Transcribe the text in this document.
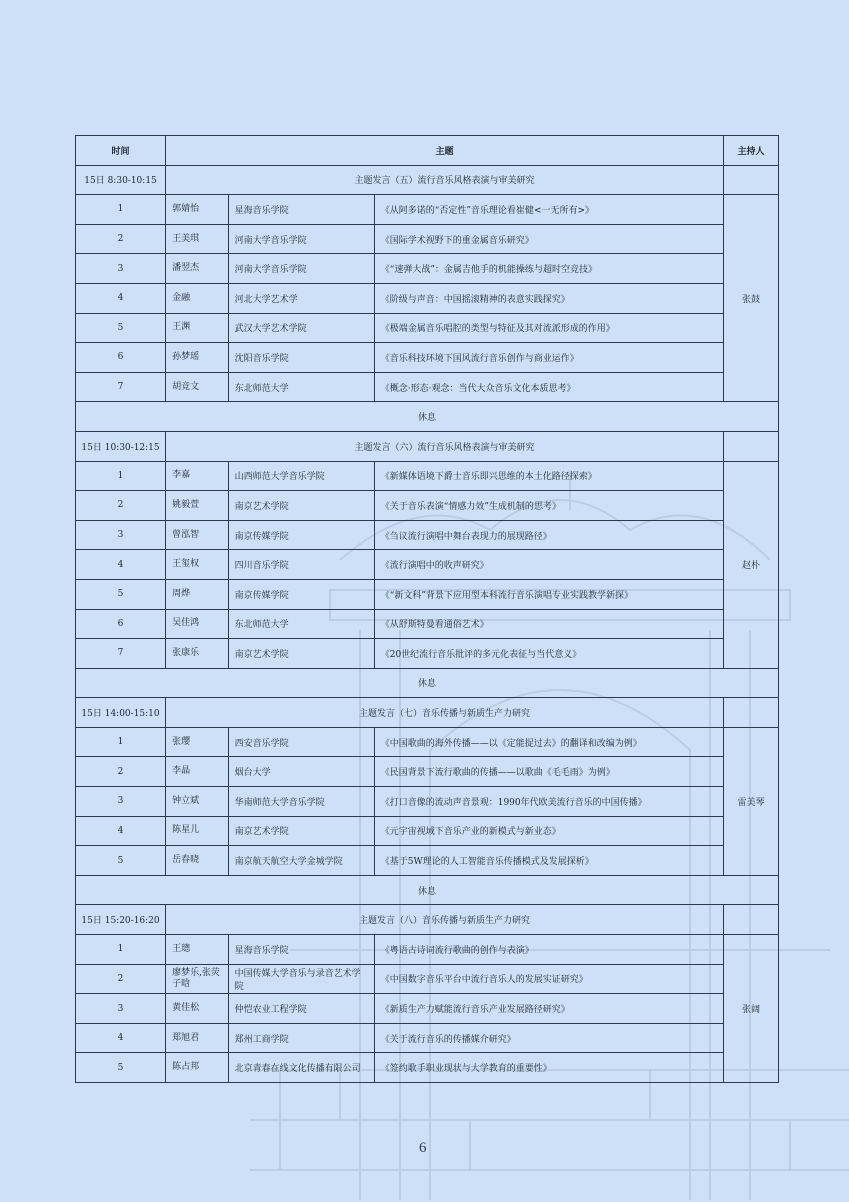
时间	主题			主持人
15日 8:30-10:15	主题发言（五）流行音乐风格表演与审美研究			
1	郭婧怡	星海音乐学院	《从阿多诺的“否定性”音乐理论看崔健<一无所有>》	张鼓
2	王美琪	河南大学音乐学院	《国际学术视野下的重金属音乐研究》	
3	潘翌杰	河南大学音乐学院	《“速弹大战”：金属吉他手的机能操练与超时空竞技》	
4	金融	河北大学艺术学	《阶级与声音：中国摇滚精神的表意实践探究》	
5	王渊	武汉大学艺术学院	《极端金属音乐唱腔的类型与特征及其对流派形成的作用》	
6	孙梦瑶	沈阳音乐学院	《音乐科技环境下国风流行音乐创作与商业运作》	
7	胡竞文	东北师范大学	《概念·形态·观念：当代大众音乐文化本质思考》	
休息				
15日 10:30-12:15	主题发言（六）流行音乐风格表演与审美研究			
1	李嘉	山西师范大学音乐学院	《新媒体语境下爵士音乐即兴思维的本土化路径探索》	赵朴
2	姚毅萱	南京艺术学院	《关于音乐表演“情感力效”生成机制的思考》	
3	曾泓智	南京传媒学院	《刍议流行演唱中舞台表现力的展现路径》	
4	王玺权	四川音乐学院	《流行演唱中的收声研究》	
5	周烨	南京传媒学院	《“新文科”背景下应用型本科流行音乐演唱专业实践教学新探》	
6	吴佳鸿	东北师范大学	《从舒斯特曼看通俗艺术》	
7	张康乐	南京艺术学院	《20世纪流行音乐批评的多元化表征与当代意义》	
休息				
15日 14:00-15:10	主题发言（七）音乐传播与新质生产力研究			
1	张璎	西安音乐学院	《中国歌曲的海外传播——以《定能捉过去》的翻译和改编为例》	雷美琴
2	李晶	烟台大学	《民国背景下流行歌曲的传播——以歌曲《毛毛雨》为例》	
3	钟立斌	华南师范大学音乐学院	《打口音像的流动声音景观：1990年代欧美流行音乐的中国传播》	
4	陈星儿	南京艺术学院	《元宇宙视域下音乐产业的新模式与新业态》	
5	岳春晓	南京航天航空大学金城学院	《基于5W理论的人工智能音乐传播模式及发展探析》	
休息				
15日 15:20-16:20	主题发言（八）音乐传播与新质生产力研究			
1	王璁	星海音乐学院	《粤语古诗词流行歌曲的创作与表演》	张阔
2	廖梦乐,张荧子晗	中国传媒大学音乐与录音艺术学院	《中国数字音乐平台中流行音乐人的发展实证研究》	
3	黄佳松	仲恺农业工程学院	《新质生产力赋能流行音乐产业发展路径研究》	
4	郑旭君	郑州工商学院	《关于流行音乐的传播媒介研究》	
5	陈占邦	北京青春在线文化传播有限公司	《签约歌手职业现状与大学教育的重要性》	
6
